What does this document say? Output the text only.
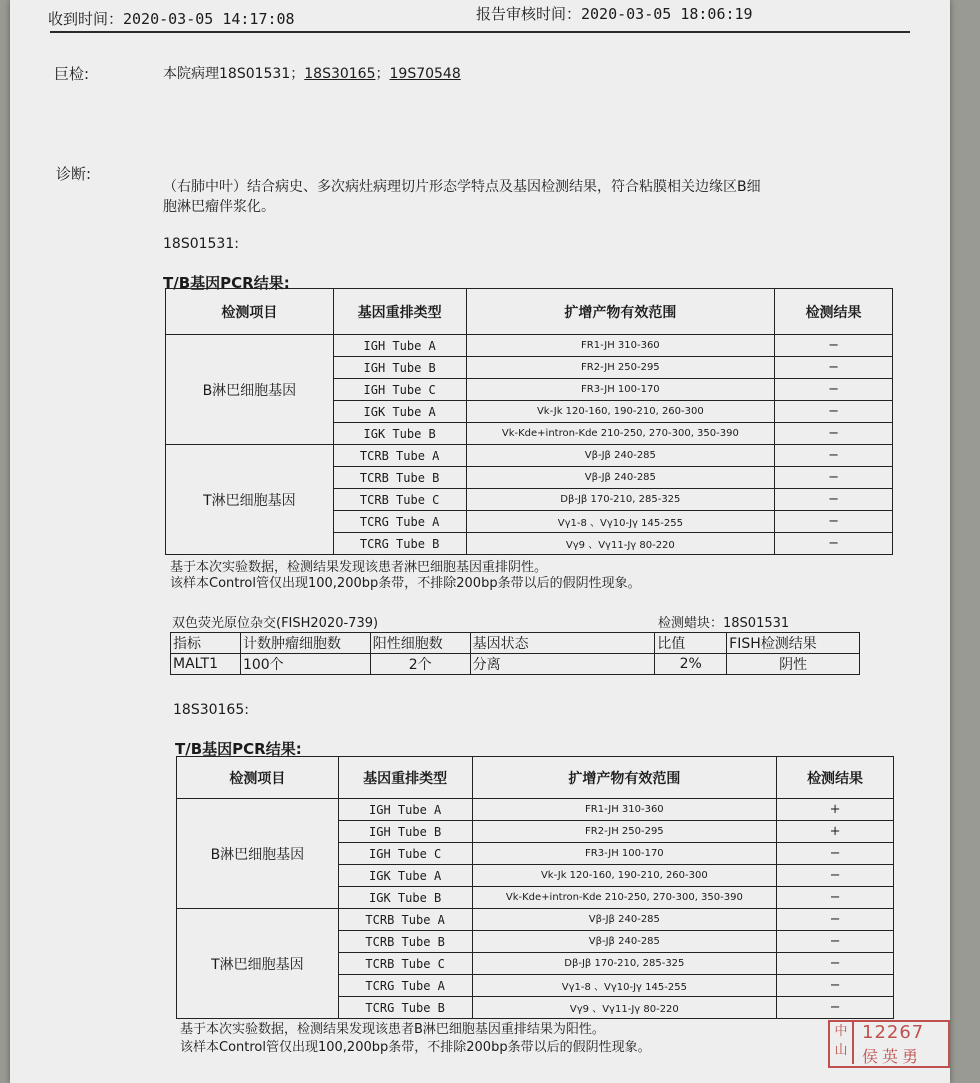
收到时间：2020-03-05 14:17:08	报告审核时间：2020-03-05 18:06:19
巨检:	本院病理18S01531；18S30165；19S70548
诊断:
（右肺中叶）结合病史、多次病灶病理切片形态学特点及基因检测结果，符合粘膜相关边缘区B细
胞淋巴瘤伴浆化。
18S01531:
T/B基因PCR结果:
检测项目	基因重排类型	扩增产物有效范围	检测结果
B淋巴细胞基因	IGH Tube A	FR1-JH 310-360	−
	IGH Tube B	FR2-JH 250-295	−
	IGH Tube C	FR3-JH 100-170	−
	IGK Tube A	Vk-Jk 120-160, 190-210, 260-300	−
	IGK Tube B	Vk-Kde+intron-Kde 210-250, 270-300, 350-390	−
T淋巴细胞基因	TCRB Tube A	Vβ-Jβ 240-285	−
	TCRB Tube B	Vβ-Jβ 240-285	−
	TCRB Tube C	Dβ-Jβ 170-210, 285-325	−
	TCRG Tube A	Vγ1-8 、Vγ10-Jγ 145-255	−
	TCRG Tube B	Vγ9 、Vγ11-Jγ 80-220	−
基于本次实验数据，检测结果发现该患者淋巴细胞基因重排阴性。
该样本Control管仅出现100,200bp条带，不排除200bp条带以后的假阴性现象。
双色荧光原位杂交(FISH2020-739)	检测蜡块：18S01531
指标	计数肿瘤细胞数	阳性细胞数	基因状态	比值	FISH检测结果
MALT1	100个	2个	分离	2%	阴性
18S30165:
T/B基因PCR结果:
检测项目	基因重排类型	扩增产物有效范围	检测结果
B淋巴细胞基因	IGH Tube A	FR1-JH 310-360	+
	IGH Tube B	FR2-JH 250-295	+
	IGH Tube C	FR3-JH 100-170	−
	IGK Tube A	Vk-Jk 120-160, 190-210, 260-300	−
	IGK Tube B	Vk-Kde+intron-Kde 210-250, 270-300, 350-390	−
T淋巴细胞基因	TCRB Tube A	Vβ-Jβ 240-285	−
	TCRB Tube B	Vβ-Jβ 240-285	−
	TCRB Tube C	Dβ-Jβ 170-210, 285-325	−
	TCRG Tube A	Vγ1-8 、Vγ10-Jγ 145-255	−
	TCRG Tube B	Vγ9 、Vγ11-Jγ 80-220	−
基于本次实验数据，检测结果发现该患者B淋巴细胞基因重排结果为阳性。
该样本Control管仅出现100,200bp条带，不排除200bp条带以后的假阴性现象。
中山
12267
侯英勇
